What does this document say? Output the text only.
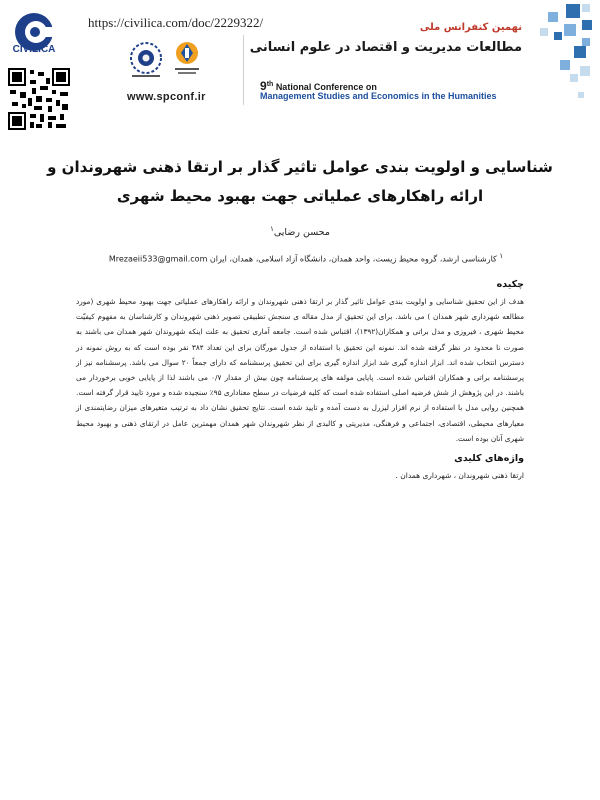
CIVILICA
https://civilica.com/doc/2229322/
www.spconf.ir
نهمین کنفرانس ملی
مطالعات مدیریت و اقتصاد در علوم انسانی
9th National Conference on
Management Studies and Economics in the Humanities
شناسایی و اولویت بندی عوامل تاثیر گذار بر ارتقا ذهنی شهروندان و
ارائه راهکارهای عملیاتی جهت بهبود محیط شهری
محسن رضایی$^۱$
$^۱$ کارشناسی ارشد، گروه محیط زیست، واحد همدان، دانشگاه آزاد اسلامی، همدان، ایران Mrezaeii533@gmail.com
چکیده
هدف از این تحقیق شناسایی و اولویت بندی عوامل تاثیر گذار بر ارتقا ذهنی شهروندان و ارائه راهکارهای عملیاتی جهت بهبود محیط شهری (مورد مطالعه شهرداری شهر همدان ) می باشد. برای این تحقیق از مدل مقاله ی سنجش تطبیقی تصویر ذهنی شهروندان و کارشناسان به مفهوم کیفیّت محیط شهری ، فیروزی و مدل براتی و همکاران(۱۳۹۲)، اقتباس شده است. جامعه آماری تحقیق به علت اینکه شهروندان شهر همدان می باشند به صورت نا محدود در نظر گرفته شده اند. نمونه این تحقیق با استفاده از جدول مورگان برای این تعداد ۳۸۴ نفر بوده است که به روش نمونه در دسترس انتخاب شده اند. ابزار اندازه گیری شد ابزار اندازه گیری برای این تحقیق پرسشنامه که دارای جمعاً ۲۰ سوال می باشد. پرسشنامه نیز از پرسشنامه براتی و همکاران اقتباس شده است. پایایی مولفه های پرسشنامه چون بیش از مقدار ۰/۷ می باشند لذا از پایایی خوبی برخوردار می باشند. در این پژوهش از شش فرضیه اصلی استفاده شده است که کلیه فرضیات در سطح معناداری ۹۵٪ سنجیده شده و مورد تایید قرار گرفته است. همچنین روایی مدل با استفاده از نرم افزار لیزرل به دست آمده و تایید شده است. نتایج تحقیق نشان داد به ترتیب متغیرهای میزان رضایتمندی از معیارهای محیطی، اقتصادی، اجتماعی و فرهنگی، مدیریتی و کالبدی از نظر شهروندان شهر همدان مهمترین عامل در ارتقای ذهنی و بهبود محیط شهری آنان بوده است.
واژه‌های کلیدی
ارتقا ذهنی شهروندان ، شهرداری همدان .
